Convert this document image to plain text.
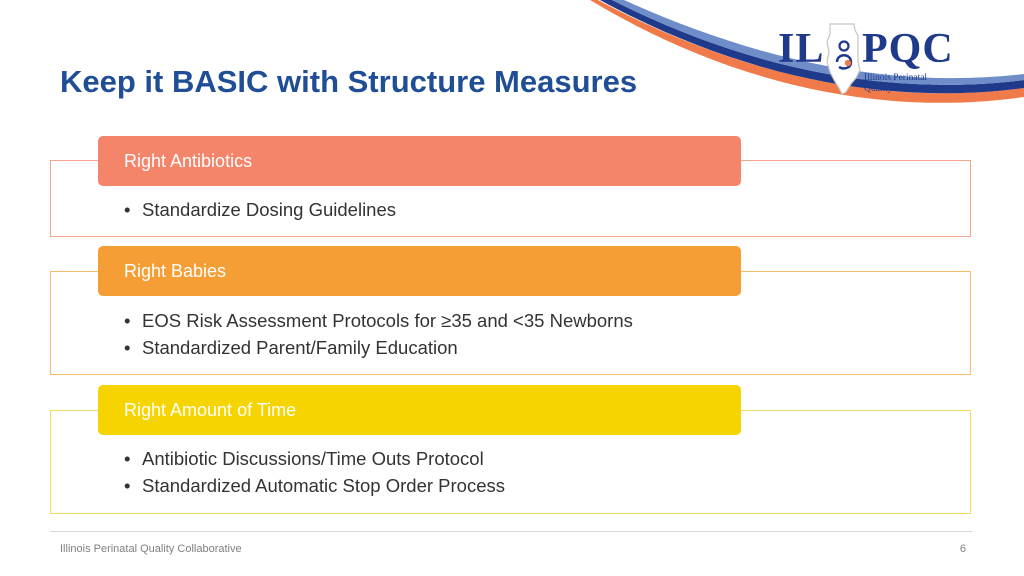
IL PQC
Illinois Perinatal
Quality Collaborative
Keep it BASIC with Structure Measures
Right Antibiotics
• Standardize Dosing Guidelines
Right Babies
• EOS Risk Assessment Protocols for ≥35 and <35 Newborns
• Standardized Parent/Family Education
Right Amount of Time
• Antibiotic Discussions/Time Outs Protocol
• Standardized Automatic Stop Order Process
Illinois Perinatal Quality Collaborative	6
